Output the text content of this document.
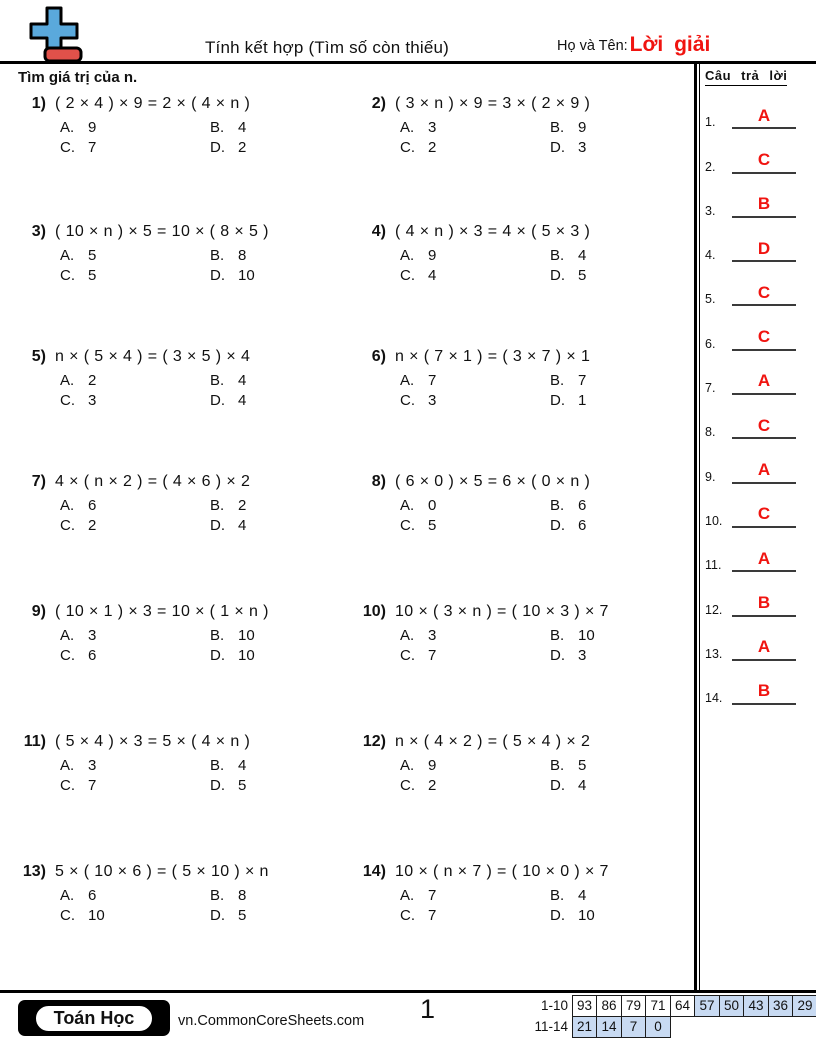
Tính kết hợp (Tìm số còn thiếu)	Họ và Tên: Lời giải
Tìm giá trị của n.
1) ( 2 × 4 ) × 9 = 2 × ( 4 × n )
A. 9	B. 4
C. 7	D. 2
2) ( 3 × n ) × 9 = 3 × ( 2 × 9 )
A. 3	B. 9
C. 2	D. 3
3) ( 10 × n ) × 5 = 10 × ( 8 × 5 )
A. 5	B. 8
C. 5	D. 10
4) ( 4 × n ) × 3 = 4 × ( 5 × 3 )
A. 9	B. 4
C. 4	D. 5
5) n × ( 5 × 4 ) = ( 3 × 5 ) × 4
A. 2	B. 4
C. 3	D. 4
6) n × ( 7 × 1 ) = ( 3 × 7 ) × 1
A. 7	B. 7
C. 3	D. 1
7) 4 × ( n × 2 ) = ( 4 × 6 ) × 2
A. 6	B. 2
C. 2	D. 4
8) ( 6 × 0 ) × 5 = 6 × ( 0 × n )
A. 0	B. 6
C. 5	D. 6
9) ( 10 × 1 ) × 3 = 10 × ( 1 × n )
A. 3	B. 10
C. 6	D. 10
10) 10 × ( 3 × n ) = ( 10 × 3 ) × 7
A. 3	B. 10
C. 7	D. 3
11) ( 5 × 4 ) × 3 = 5 × ( 4 × n )
A. 3	B. 4
C. 7	D. 5
12) n × ( 4 × 2 ) = ( 5 × 4 ) × 2
A. 9	B. 5
C. 2	D. 4
13) 5 × ( 10 × 6 ) = ( 5 × 10 ) × n
A. 6	B. 8
C. 10	D. 5
14) 10 × ( n × 7 ) = ( 10 × 0 ) × 7
A. 7	B. 4
C. 7	D. 10
Câu trả lời
1.	A
2.	C
3.	B
4.	D
5.	C
6.	C
7.	A
8.	C
9.	A
10.	C
11.	A
12.	B
13.	A
14.	B
Toán Học	vn.CommonCoreSheets.com 1	1-10 93 86 79 71 64 57 50 43 36 29
11-14 21 14 7	0
